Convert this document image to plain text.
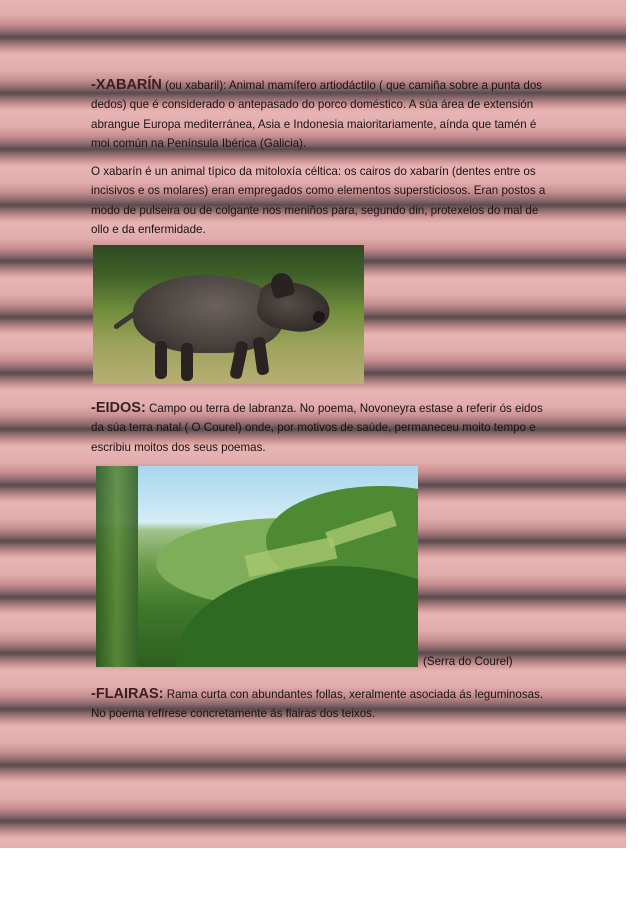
-XABARÍN (ou xabaril): Animal mamífero artiodáctilo ( que camiña sobre a punta dos dedos) que é considerado o antepasado do porco doméstico. A súa área de extensión abrangue Europa mediterránea, Asia e Indonesia maioritariamente, aínda que tamén é moi común na Península Ibérica (Galicia).
O xabarín é un animal típico da mitoloxía céltica: os cairos do xabarín (dentes entre os incisivos e os molares) eran empregados como elementos supersticiosos. Eran postos a modo de pulseira ou de colgante nos meniños para, segundo din, protexelos do mal de ollo e da enfermidade.
-EIDOS: Campo ou terra de labranza. No poema, Novoneyra estase a referir ós eidos da súa terra natal ( O Courel) onde, por motivos de saúde, permaneceu moito tempo e escribiu moitos dos seus poemas.
(Serra do Courel)
-FLAIRAS: Rama curta con abundantes follas, xeralmente asociada ás leguminosas. No poema refírese concretamente ás flairas dos teixos.
